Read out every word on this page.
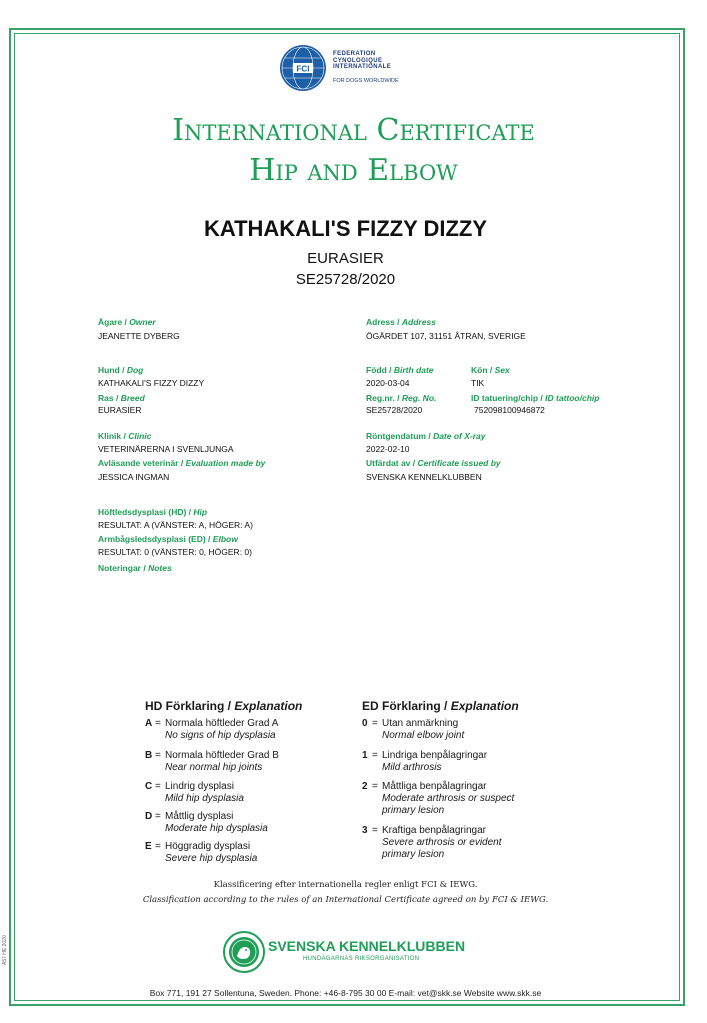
FCI
FEDERATION
CYNOLOGIQUE
INTERNATIONALE
FOR DOGS WORLDWIDE
International Certificate
Hip and Elbow
KATHAKALI'S FIZZY DIZZY
EURASIER
SE25728/2020
Ägare / Owner
JEANETTE DYBERG
Adress / Address
ÖGÄRDET 107, 31151 ÅTRAN, SVERIGE
Hund / Dog
KATHAKALI'S FIZZY DIZZY
Ras / Breed
EURASIER
Född / Birth date
2020-03-04
Kön / Sex
TIK
Reg.nr. / Reg. No.
SE25728/2020
ID tatuering/chip / ID tattoo/chip
752098100946872
Klinik / Clinic
VETERINÄRERNA I SVENLJUNGA
Avläsande veterinär / Evaluation made by
JESSICA INGMAN
Röntgendatum / Date of X-ray
2022-02-10
Utfärdat av / Certificate issued by
SVENSKA KENNELKLUBBEN
Höftledsdysplasi (HD) / Hip
RESULTAT: A (VÄNSTER: A, HÖGER: A)
Armbågsledsdysplasi (ED) / Elbow
RESULTAT: 0 (VÄNSTER: 0, HÖGER: 0)
Noteringar / Notes
HD Förklaring / Explanation
A = Normala höftleder Grad A
No signs of hip dysplasia
B = Normala höftleder Grad B
Near normal hip joints
C = Lindrig dysplasi
Mild hip dysplasia
D = Måttlig dysplasi
Moderate hip dysplasia
E = Höggradig dysplasi
Severe hip dysplasia
ED Förklaring / Explanation
0 = Utan anmärkning
Normal elbow joint
1 = Lindriga benpålagringar
Mild arthrosis
2 = Måttliga benpålagringar
Moderate arthrosis or suspect
primary lesion
3 = Kraftiga benpålagringar
Severe arthrosis or evident
primary lesion
Klassificering efter internationella regler enligt FCI & IEWG.
Classification according to the rules of an International Certificate agreed on by FCI & IEWG.
SVENSKA KENNELKLUBBEN
HUNDÄGARNAS RIKSORGANISATION
Box 771, 191 27 Sollentuna, Sweden. Phone: +46-8-795 30 00 E-mail: vet@skk.se Website www.skk.se
A57 HE 2020
